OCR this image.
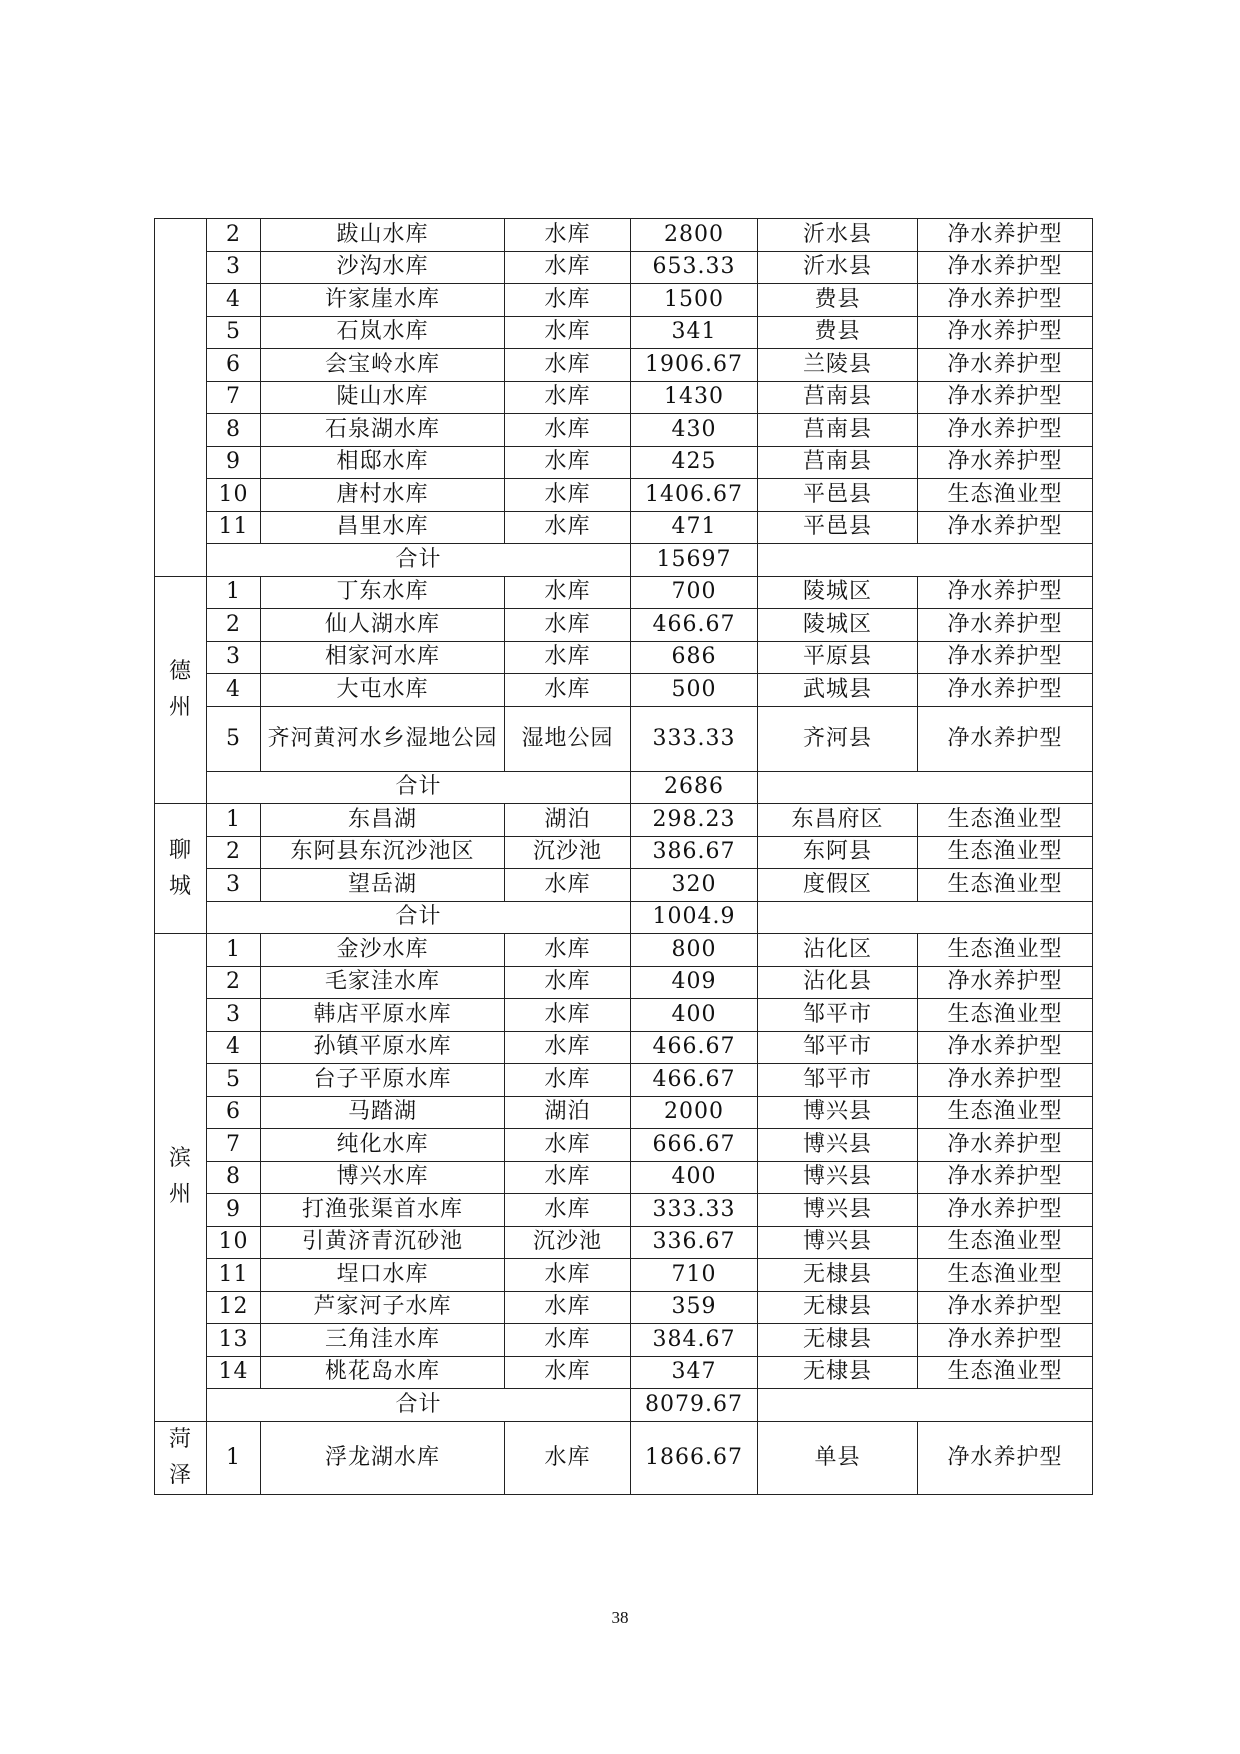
	2	跋山水库	水库	2800	沂水县	净水养护型
	3	沙沟水库	水库	653.33	沂水县	净水养护型
	4	许家崖水库	水库	1500	费县	净水养护型
	5	石岚水库	水库	341	费县	净水养护型
	6	会宝岭水库	水库	1906.67	兰陵县	净水养护型
	7	陡山水库	水库	1430	莒南县	净水养护型
	8	石泉湖水库	水库	430	莒南县	净水养护型
	9	相邸水库	水库	425	莒南县	净水养护型
	10	唐村水库	水库	1406.67	平邑县	生态渔业型
	11	昌里水库	水库	471	平邑县	净水养护型
	合计			15697		
德州	1	丁东水库	水库	700	陵城区	净水养护型
	2	仙人湖水库	水库	466.67	陵城区	净水养护型
	3	相家河水库	水库	686	平原县	净水养护型
	4	大屯水库	水库	500	武城县	净水养护型
	5	齐河黄河水乡湿地公园	湿地公园	333.33	齐河县	净水养护型
	合计			2686		
聊城	1	东昌湖	湖泊	298.23	东昌府区	生态渔业型
	2	东阿县东沉沙池区	沉沙池	386.67	东阿县	生态渔业型
	3	望岳湖	水库	320	度假区	生态渔业型
	合计			1004.9		
滨州	1	金沙水库	水库	800	沾化区	生态渔业型
	2	毛家洼水库	水库	409	沾化县	净水养护型
	3	韩店平原水库	水库	400	邹平市	生态渔业型
	4	孙镇平原水库	水库	466.67	邹平市	净水养护型
	5	台子平原水库	水库	466.67	邹平市	净水养护型
	6	马踏湖	湖泊	2000	博兴县	生态渔业型
	7	纯化水库	水库	666.67	博兴县	净水养护型
	8	博兴水库	水库	400	博兴县	净水养护型
	9	打渔张渠首水库	水库	333.33	博兴县	净水养护型
	10	引黄济青沉砂池	沉沙池	336.67	博兴县	生态渔业型
	11	埕口水库	水库	710	无棣县	生态渔业型
	12	芦家河子水库	水库	359	无棣县	净水养护型
	13	三角洼水库	水库	384.67	无棣县	净水养护型
	14	桃花岛水库	水库	347	无棣县	生态渔业型
	合计			8079.67		
菏泽	1	浮龙湖水库	水库	1866.67	单县	净水养护型
38
